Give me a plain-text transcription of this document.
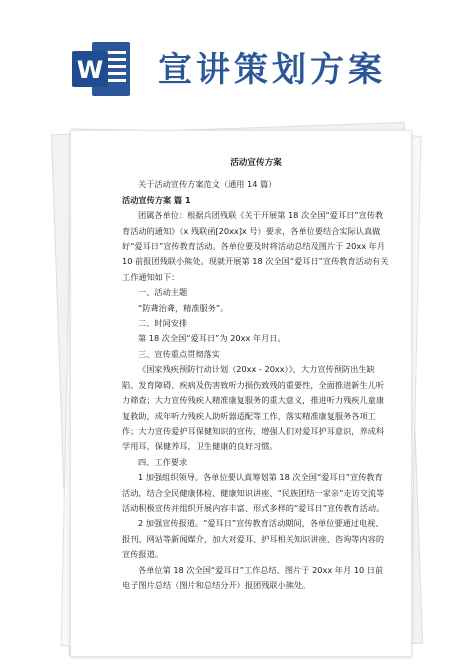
W 宣讲策划方案
活动宣传方案

关于活动宣传方案范文（通用 14 篇）

活动宣传方案 篇 1

团属各单位：根据兵团残联《关于开展第 18 次全国“爱耳日”宣传教育活动的通知》（x 残联函[20xx]x 号）要求，各单位要结合实际认真做好“爱耳日”宣传教育活动。各单位要及时将活动总结及图片于 20xx 年月 10 前报团残联小熊处。现就开展第 18 次全国“爱耳日”宣传教育活动有关工作通知如下：

一、活动主题

“防聋治聋，精准服务”。

二、时间安排

第 18 次全国“爱耳日”为 20xx 年月日。

三、宣传重点贯彻落实

《国家残疾预防行动计划（20xx - 20xx）》，大力宣传预防出生缺陷、发育障碍、疾病及伤害致听力损伤致残的重要性，全面推进新生儿听力筛查；大力宣传残疾人精准康复服务的重大意义，推进听力残疾儿童康复救助，成年听力残疾人助听器适配等工作，落实精准康复服务各项工作；大力宣传爱护耳保健知识的宣传，增强人们对爱耳护耳意识，养成科学用耳，保健养耳，卫生健康的良好习惯。

四、工作要求

1 加强组织领导。各单位要认真筹划第 18 次全国“爱耳日”宣传教育活动，结合全民健康体检、健康知识讲座、“民族团结一家亲”走访交流等活动积极宣传并组织开展内容丰富、形式多样的“爱耳日”宣传教育活动。

2 加强宣传报道。“爱耳日”宣传教育活动期间，各单位要通过电视、报刊、网站等新闻媒介，加大对爱耳、护耳相关知识讲座、咨询等内容的宣传报道。

各单位第 18 次全国“爱耳日”工作总结、图片于 20xx 年月 10 日前电子图片总结（图片和总结分开）报团残联小熊处。
